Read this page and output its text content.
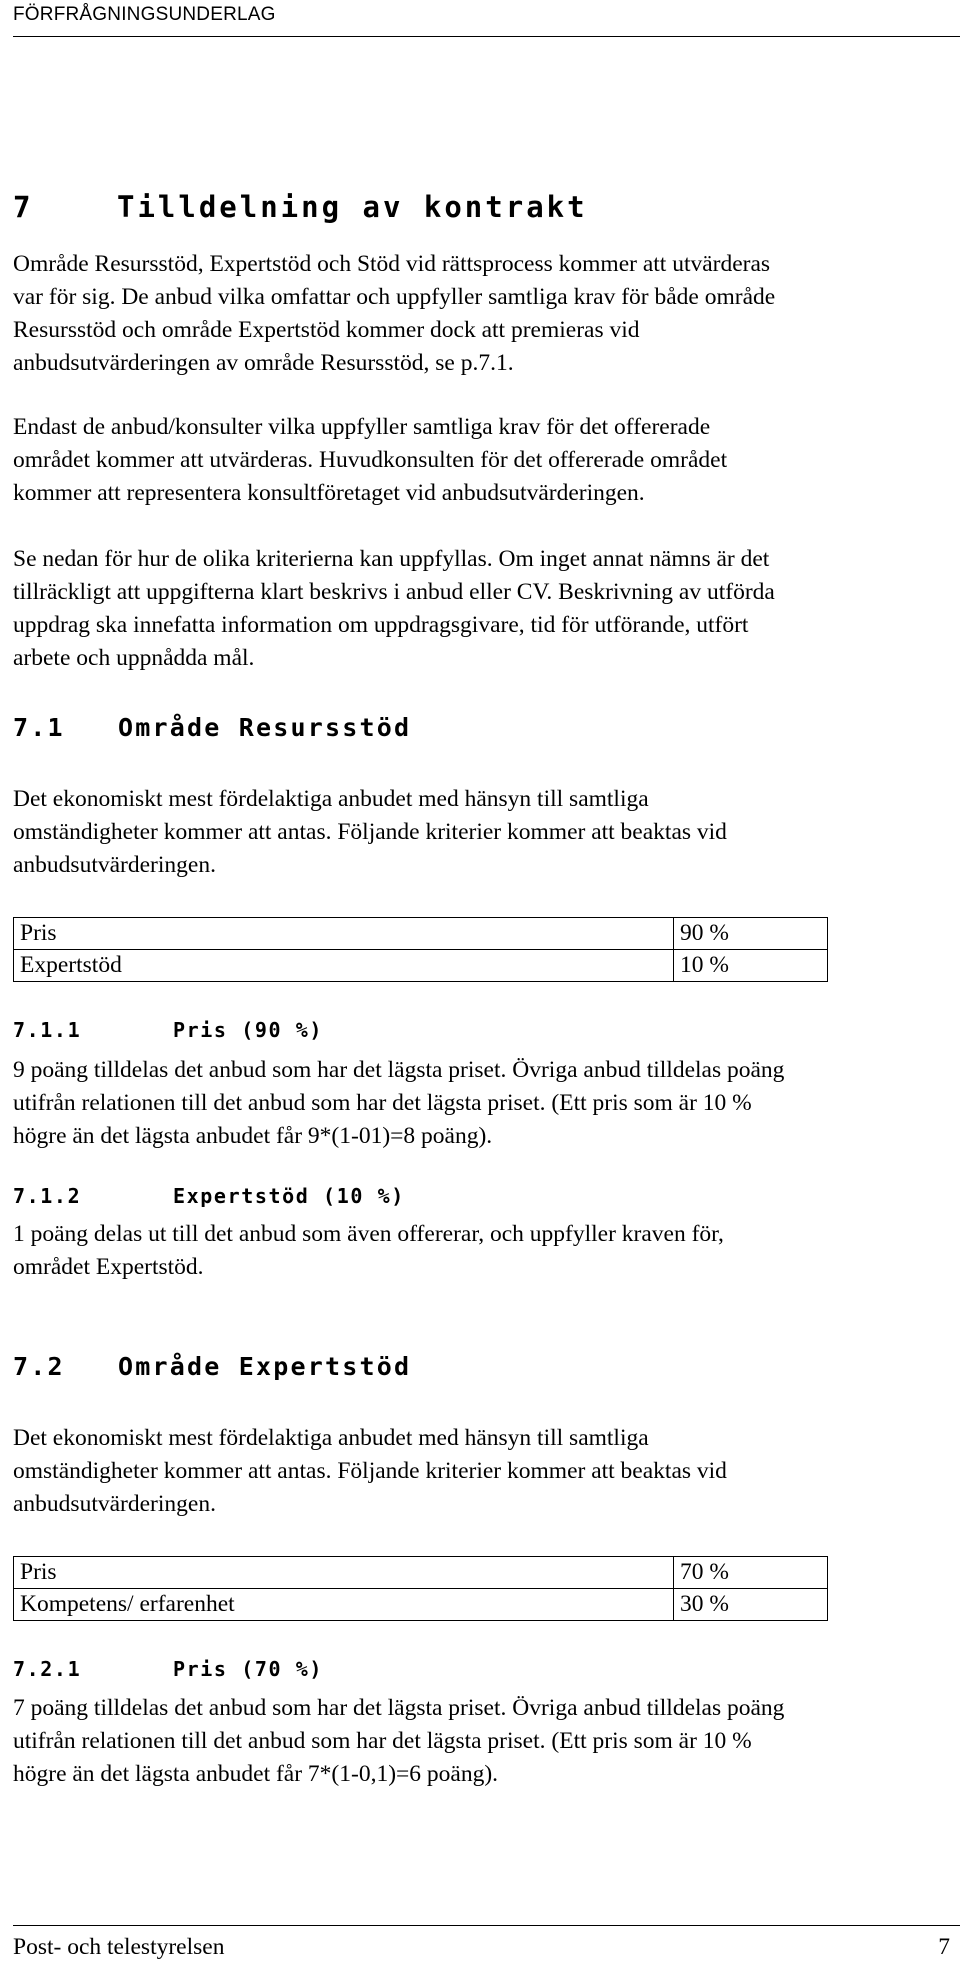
FÖRFRÅGNINGSUNDERLAG
7	Tilldelning av kontrakt
Område Resursstöd, Expertstöd och Stöd vid rättsprocess kommer att utvärderas
var för sig. De anbud vilka omfattar och uppfyller samtliga krav för både område
Resursstöd och område Expertstöd kommer dock att premieras vid
anbudsutvärderingen av område Resursstöd, se p.7.1.
Endast de anbud/konsulter vilka uppfyller samtliga krav för det offererade
området kommer att utvärderas. Huvudkonsulten för det offererade området
kommer att representera konsultföretaget vid anbudsutvärderingen.
Se nedan för hur de olika kriterierna kan uppfyllas. Om inget annat nämns är det
tillräckligt att uppgifterna klart beskrivs i anbud eller CV. Beskrivning av utförda
uppdrag ska innefatta information om uppdragsgivare, tid för utförande, utfört
arbete och uppnådda mål.
7.1 Område Resursstöd
Det ekonomiskt mest fördelaktiga anbudet med hänsyn till samtliga
omständigheter kommer att antas. Följande kriterier kommer att beaktas vid
anbudsutvärderingen.
Pris	90 %
Expertstöd	10 %
7.1.1	Pris (90 %)
9 poäng tilldelas det anbud som har det lägsta priset. Övriga anbud tilldelas poäng
utifrån relationen till det anbud som har det lägsta priset. (Ett pris som är 10 %
högre än det lägsta anbudet får 9*(1-01)=8 poäng).
7.1.2	Expertstöd (10 %)
1 poäng delas ut till det anbud som även offererar, och uppfyller kraven för,
området Expertstöd.
7.2 Område Expertstöd
Det ekonomiskt mest fördelaktiga anbudet med hänsyn till samtliga
omständigheter kommer att antas. Följande kriterier kommer att beaktas vid
anbudsutvärderingen.
Pris	70 %
Kompetens/ erfarenhet	30 %
7.2.1	Pris (70 %)
7 poäng tilldelas det anbud som har det lägsta priset. Övriga anbud tilldelas poäng
utifrån relationen till det anbud som har det lägsta priset. (Ett pris som är 10 %
högre än det lägsta anbudet får 7*(1-0,1)=6 poäng).
Post- och telestyrelsen	7
